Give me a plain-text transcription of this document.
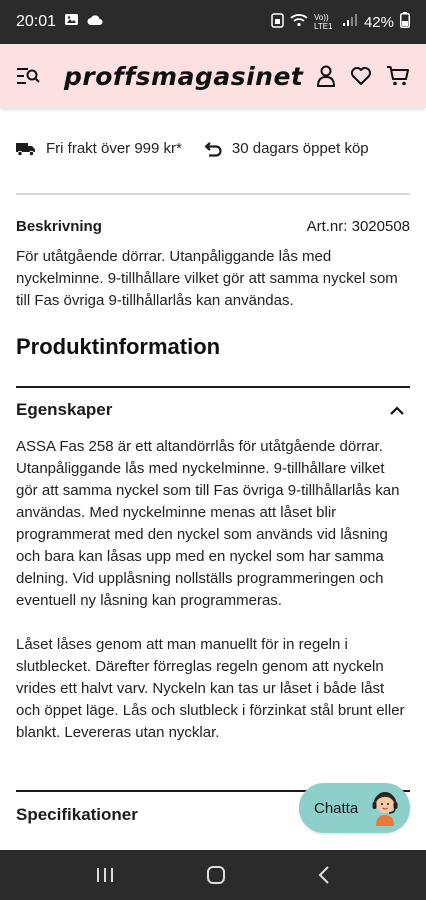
20:01	Vo)) LTE1 42%
proffsmagasinet
Fri frakt över 999 kr*	30 dagars öppet köp
Beskrivning	Art.nr: 3020508
För utåtgående dörrar. Utanpåliggande lås med nyckelminne. 9-tillhållare vilket gör att samma nyckel som till Fas övriga 9-tillhållarlås kan användas.
Produktinformation
Egenskaper

ASSA Fas 258 är ett altandörrlås för utåtgående dörrar. Utanpåliggande lås med nyckelminne. 9-tillhållare vilket gör att samma nyckel som till Fas övriga 9-tillhållarlås kan användas. Med nyckelminne menas att låset blir programmerat med den nyckel som används vid låsning och bara kan låsas upp med en nyckel som har samma delning. Vid upplåsning nollställs programmeringen och eventuell ny låsning kan programmeras.

Låset låses genom att man manuellt för in regeln i slutblecket. Därefter förreglas regeln genom att nyckeln vrides ett halvt varv. Nyckeln kan tas ur låset i både låst och öppet läge. Lås och slutbleck i förzinkat stål brunt eller blankt. Levereras utan nycklar.

Specifikationer	Chatta
